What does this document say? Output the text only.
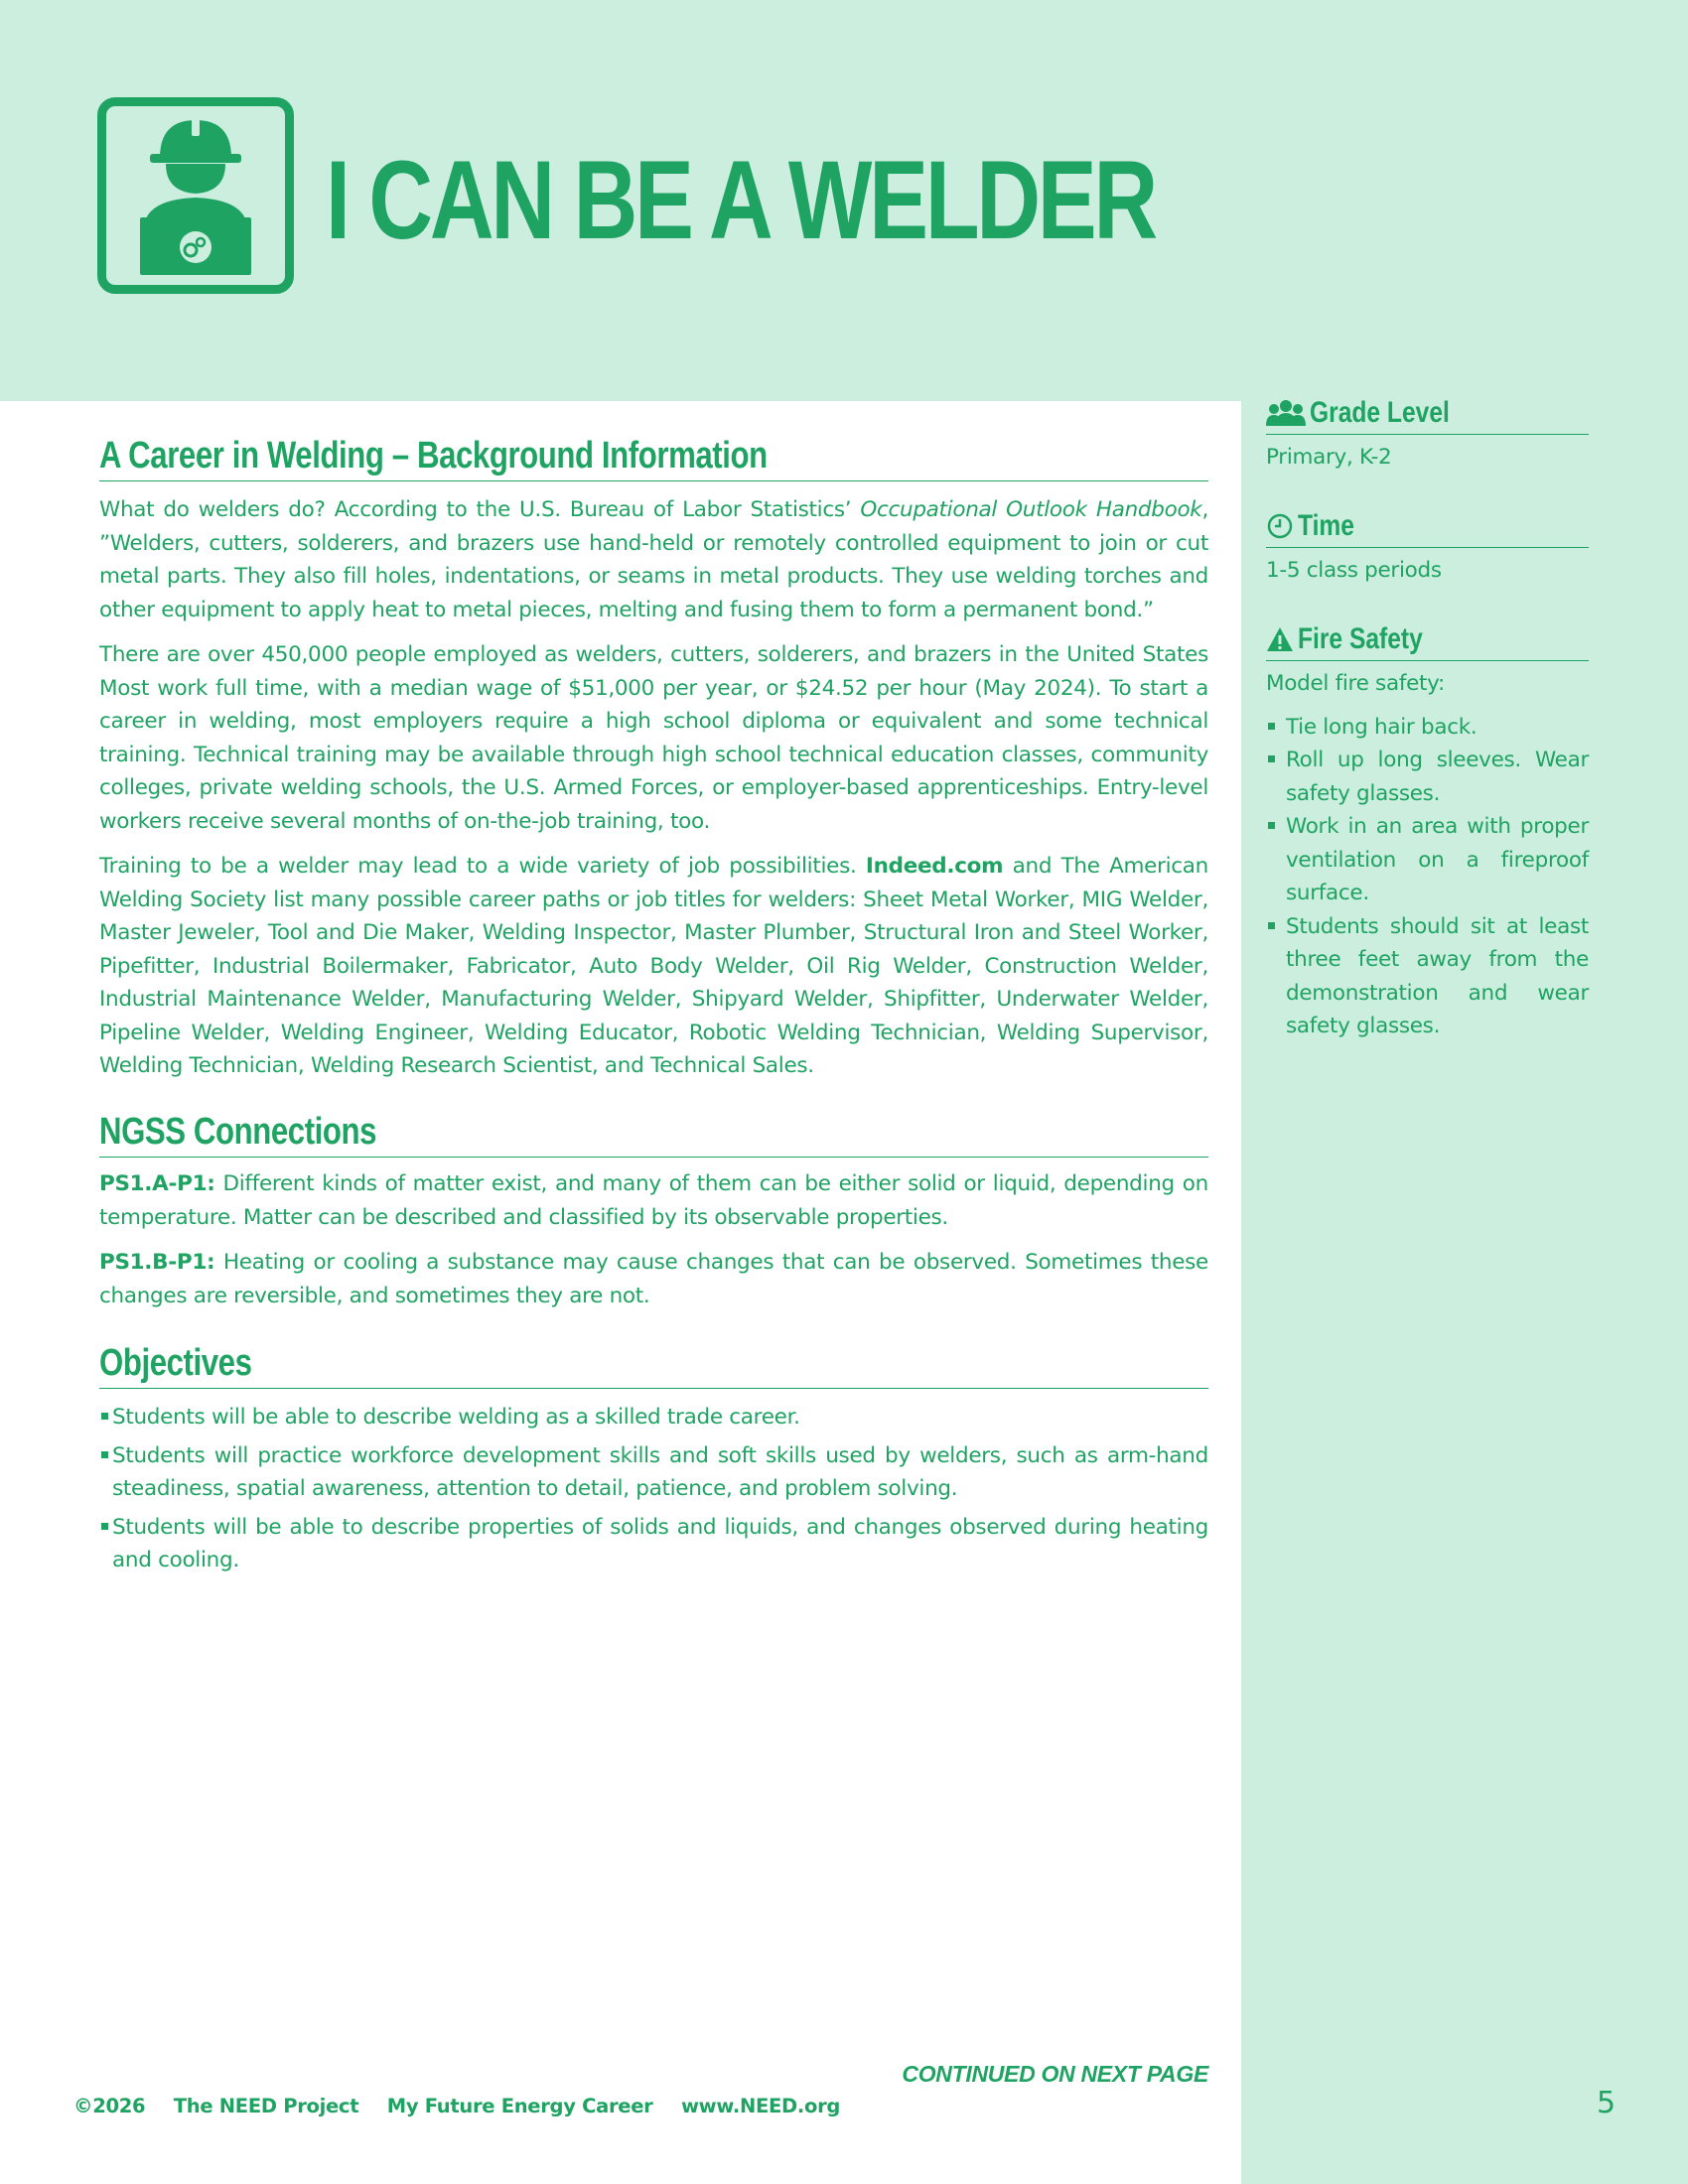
I CAN BE A WELDER
A Career in Welding – Background Information

What do welders do? According to the U.S. Bureau of Labor Statistics’ Occupational Outlook Handbook, ”Welders, cutters, solderers, and brazers use hand-held or remotely controlled equipment to join or cut metal parts. They also fill holes, indentations, or seams in metal products. They use welding torches and other equipment to apply heat to metal pieces, melting and fusing them to form a permanent bond.”

There are over 450,000 people employed as welders, cutters, solderers, and brazers in the United States Most work full time, with a median wage of $51,000 per year, or $24.52 per hour (May 2024). To start a career in welding, most employers require a high school diploma or equivalent and some technical training. Technical training may be available through high school technical education classes, community colleges, private welding schools, the U.S. Armed Forces, or employer-based apprenticeships. Entry-level workers receive several months of on-the-job training, too.

Training to be a welder may lead to a wide variety of job possibilities. Indeed.com and The American Welding Society list many possible career paths or job titles for welders: Sheet Metal Worker, MIG Welder, Master Jeweler, Tool and Die Maker, Welding Inspector, Master Plumber, Structural Iron and Steel Worker, Pipefitter, Industrial Boilermaker, Fabricator, Auto Body Welder, Oil Rig Welder, Construction Welder, Industrial Maintenance Welder, Manufacturing Welder, Shipyard Welder, Shipfitter, Underwater Welder, Pipeline Welder, Welding Engineer, Welding Educator, Robotic Welding Technician, Welding Supervisor, Welding Technician, Welding Research Scientist, and Technical Sales.

NGSS Connections

PS1.A-P1: Different kinds of matter exist, and many of them can be either solid or liquid, depending on temperature. Matter can be described and classified by its observable properties.

PS1.B-P1: Heating or cooling a substance may cause changes that can be observed. Sometimes these changes are reversible, and sometimes they are not.

Objectives
Students will be able to describe welding as a skilled trade career.
Students will practice workforce development skills and soft skills used by welders, such as arm-hand steadiness, spatial awareness, attention to detail, patience, and problem solving.
Students will be able to describe properties of solids and liquids, and changes observed during heating and cooling.
Grade Level
Primary, K-2
Time
1-5 class periods
Fire Safety
Model fire safety:
Tie long hair back.
Roll up long sleeves. Wear safety glasses.
Work in an area with proper ventilation on a fireproof surface.
Students should sit at least three feet away from the demonstration and wear safety glasses.
CONTINUED ON NEXT PAGE
©2026 The NEED Project My Future Energy Career www.NEED.org	5
